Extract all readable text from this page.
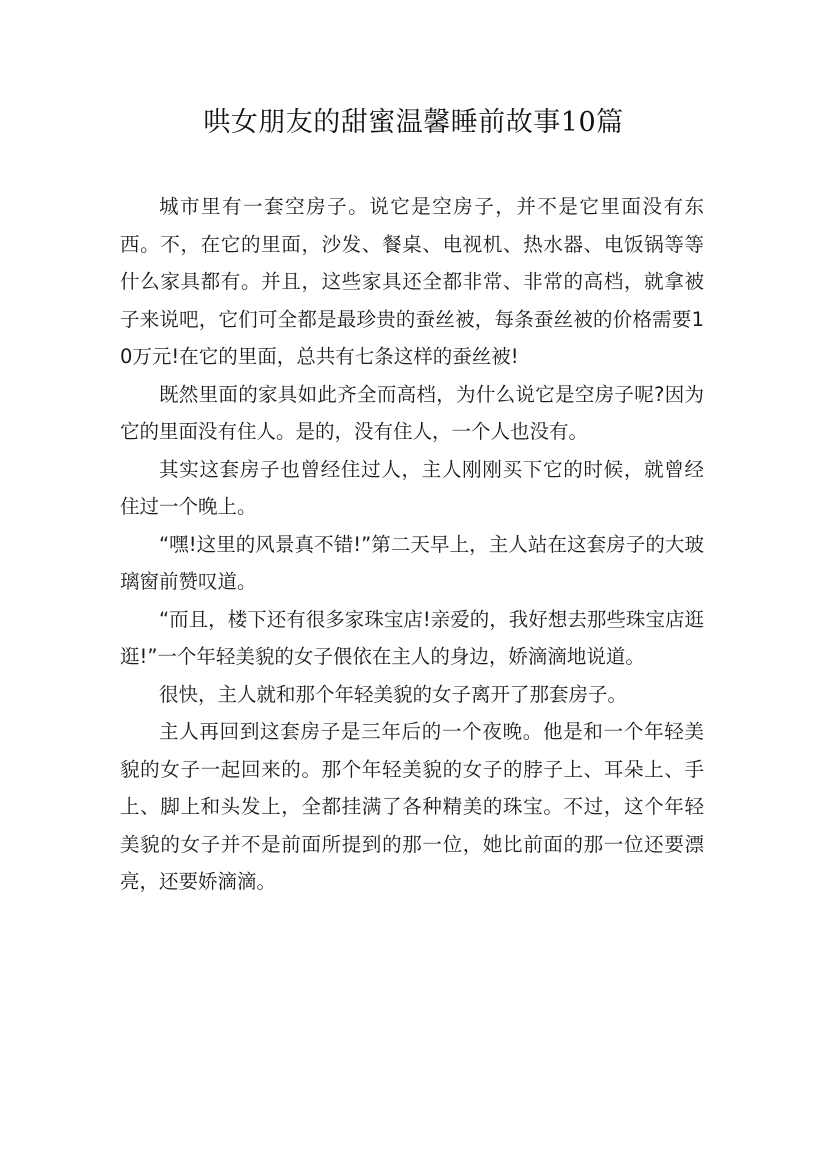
哄女朋友的甜蜜温馨睡前故事10篇

城市里有一套空房子。说它是空房子，并不是它里面没有东西。不，在它的里面，沙发、餐桌、电视机、热水器、电饭锅等等什么家具都有。并且，这些家具还全都非常、非常的高档，就拿被子来说吧，它们可全都是最珍贵的蚕丝被，每条蚕丝被的价格需要10万元!在它的里面，总共有七条这样的蚕丝被!

既然里面的家具如此齐全而高档，为什么说它是空房子呢?因为它的里面没有住人。是的，没有住人，一个人也没有。

其实这套房子也曾经住过人，主人刚刚买下它的时候，就曾经住过一个晚上。

“嘿!这里的风景真不错!”第二天早上，主人站在这套房子的大玻璃窗前赞叹道。

“而且，楼下还有很多家珠宝店!亲爱的，我好想去那些珠宝店逛逛!”一个年轻美貌的女子偎依在主人的身边，娇滴滴地说道。

很快，主人就和那个年轻美貌的女子离开了那套房子。

主人再回到这套房子是三年后的一个夜晚。他是和一个年轻美貌的女子一起回来的。那个年轻美貌的女子的脖子上、耳朵上、手上、脚上和头发上，全都挂满了各种精美的珠宝。不过，这个年轻美貌的女子并不是前面所提到的那一位，她比前面的那一位还要漂亮，还要娇滴滴。
